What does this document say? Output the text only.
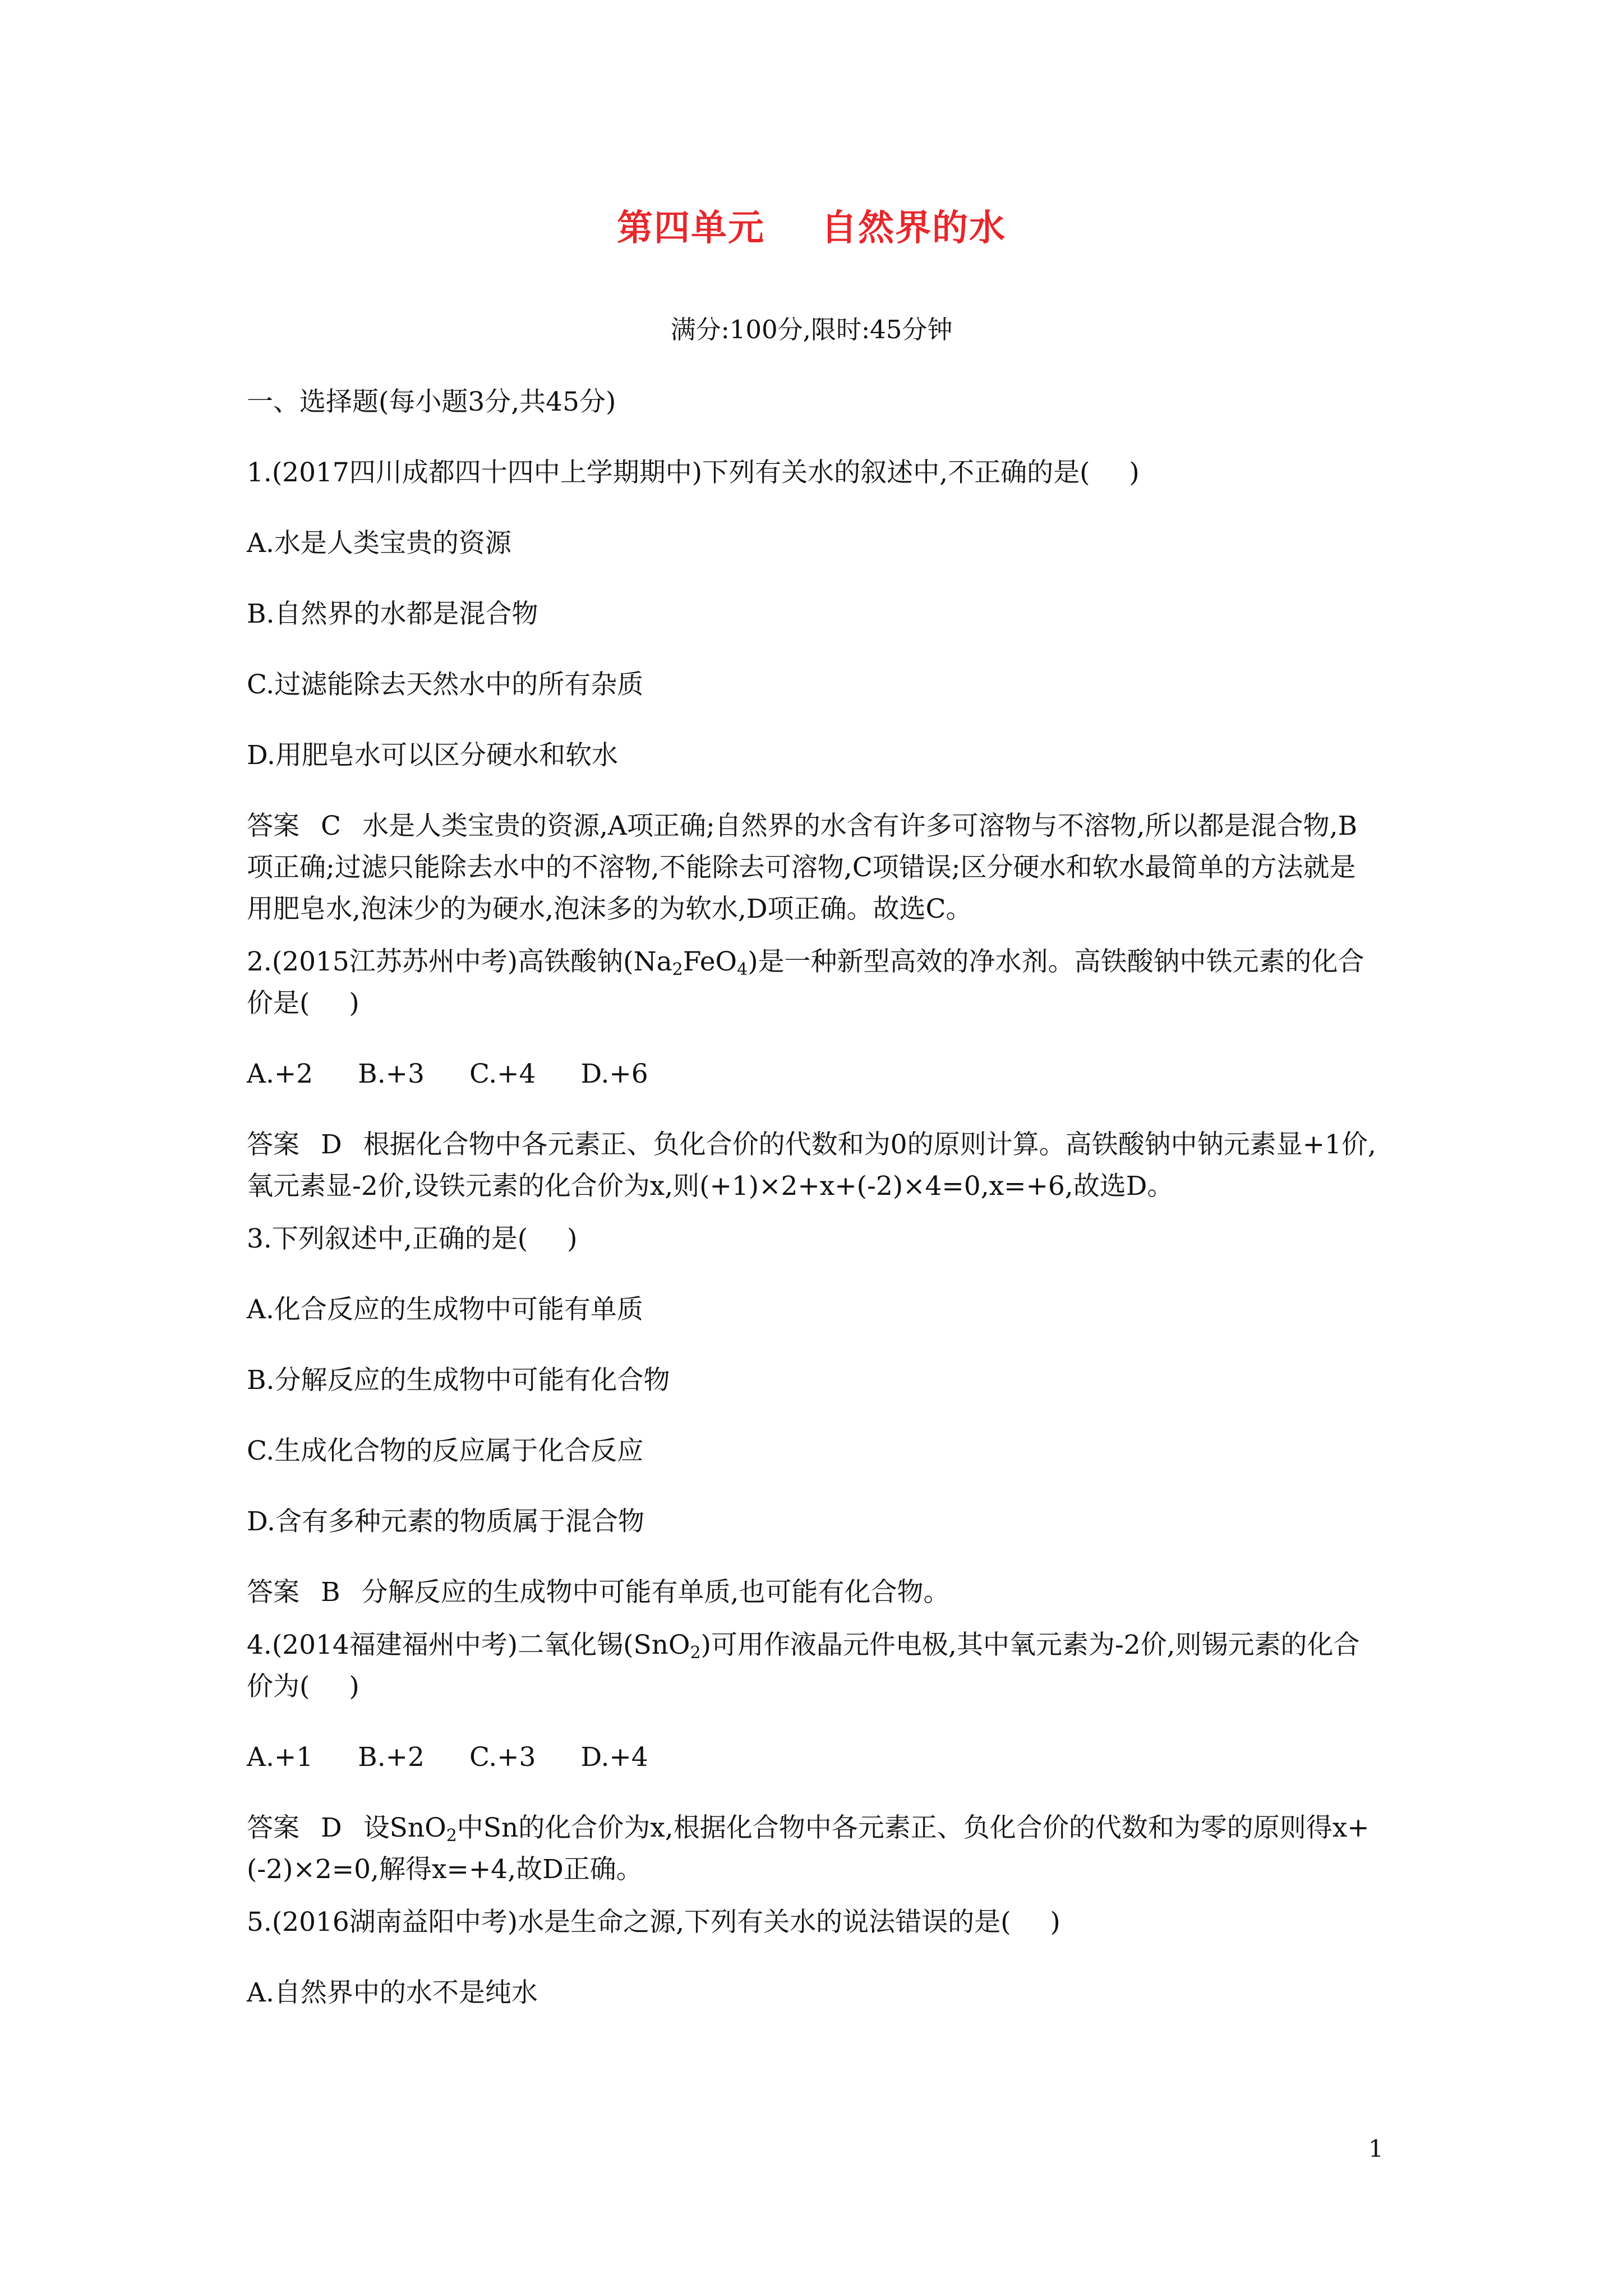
第四单元 自然界的水
满分:100分,限时:45分钟

一、选择题(每小题3分,共45分)

1.(2017四川成都四十四中上学期期中)下列有关水的叙述中,不正确的是( )

A.水是人类宝贵的资源

B.自然界的水都是混合物

C.过滤能除去天然水中的所有杂质

D.用肥皂水可以区分硬水和软水

答案 C 水是人类宝贵的资源,A项正确;自然界的水含有许多可溶物与不溶物,所以都是混合物,B项正确;过滤只能除去水中的不溶物,不能除去可溶物,C项错误;区分硬水和软水最简单的方法就是用肥皂水,泡沫少的为硬水,泡沫多的为软水,D项正确。故选C。

2.(2015江苏苏州中考)高铁酸钠$(Na_2FeO_4)$是一种新型高效的净水剂。高铁酸钠中铁元素的化合价是( )

A.+2 B.+3 C.+4 D.+6

答案 D 根据化合物中各元素正、负化合价的代数和为0的原则计算。高铁酸钠中钠元素显+1价,氧元素显-2价,设铁元素的化合价为x,则(+1)×2+x+(-2)×4=0,x=+6,故选D。

3.下列叙述中,正确的是( )

A.化合反应的生成物中可能有单质

B.分解反应的生成物中可能有化合物

C.生成化合物的反应属于化合反应

D.含有多种元素的物质属于混合物

答案 B 分解反应的生成物中可能有单质,也可能有化合物。

4.(2014福建福州中考)二氧化锡(SnO$_2$)可用作液晶元件电极,其中氧元素为-2价,则锡元素的化合价为( )

A.+1 B.+2 C.+3 D.+4

答案 D 设SnO$_2$中Sn的化合价为x,根据化合物中各元素正、负化合价的代数和为零的原则得x+(-2)×2=0,解得x=+4,故D正确。

5.(2016湖南益阳中考)水是生命之源,下列有关水的说法错误的是( )

A.自然界中的水不是纯水

1
